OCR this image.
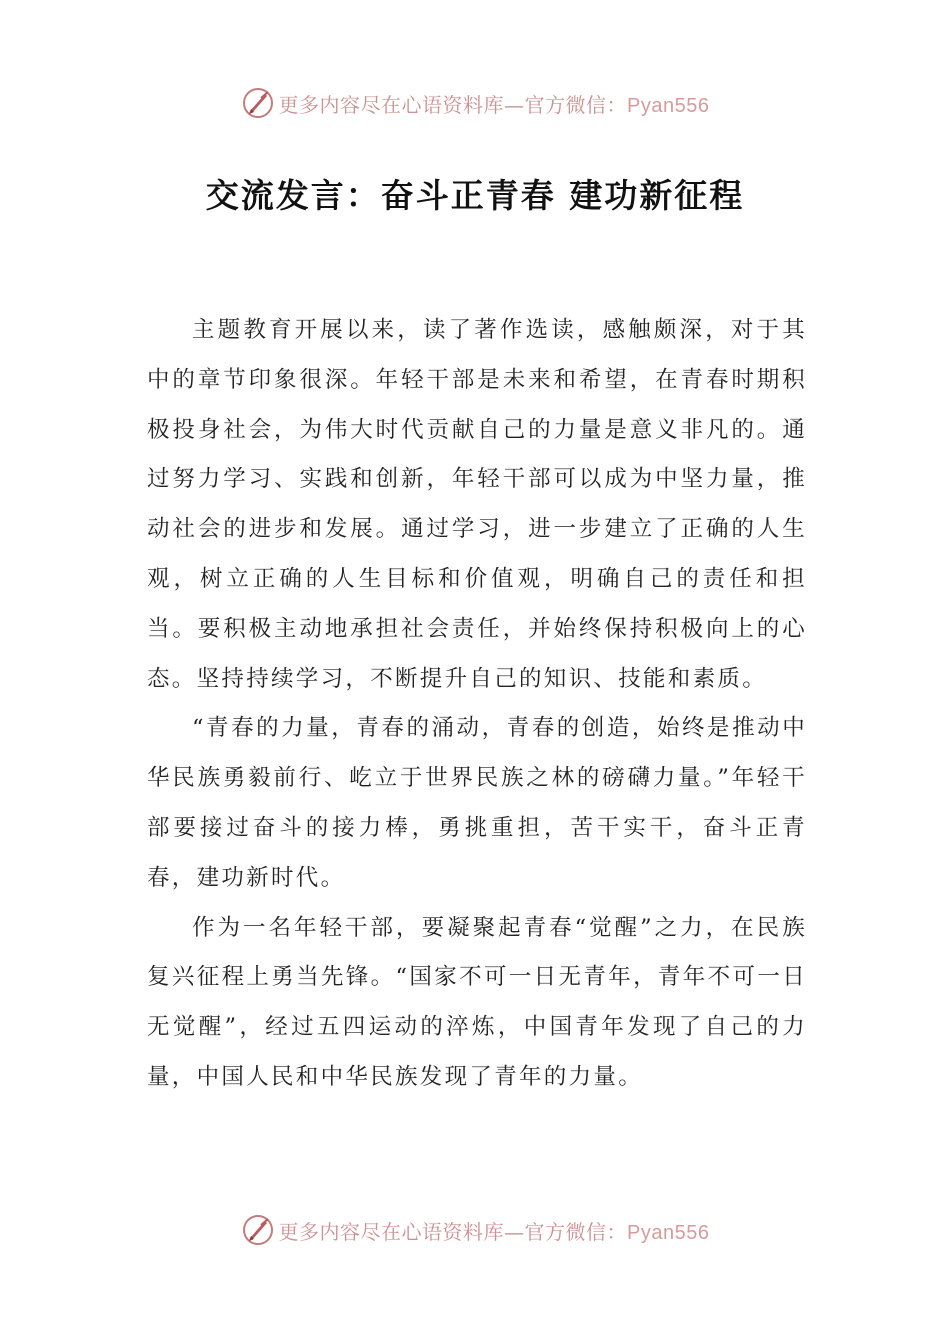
更多内容尽在心语资料库—官方微信：Pyan556
交流发言：奋斗正青春 建功新征程

主题教育开展以来，读了著作选读，感触颇深，对于其中的章节印象很深。年轻干部是未来和希望，在青春时期积极投身社会，为伟大时代贡献自己的力量是意义非凡的。通过努力学习、实践和创新，年轻干部可以成为中坚力量，推动社会的进步和发展。通过学习，进一步建立了正确的人生观，树立正确的人生目标和价值观，明确自己的责任和担当。要积极主动地承担社会责任，并始终保持积极向上的心态。坚持持续学习，不断提升自己的知识、技能和素质。

“青春的力量，青春的涌动，青春的创造，始终是推动中华民族勇毅前行、屹立于世界民族之林的磅礴力量。”年轻干部要接过奋斗的接力棒，勇挑重担，苦干实干，奋斗正青春，建功新时代。

作为一名年轻干部，要凝聚起青春“觉醒”之力，在民族复兴征程上勇当先锋。“国家不可一日无青年，青年不可一日无觉醒”，经过五四运动的淬炼，中国青年发现了自己的力量，中国人民和中华民族发现了青年的力量。

更多内容尽在心语资料库—官方微信：Pyan556
